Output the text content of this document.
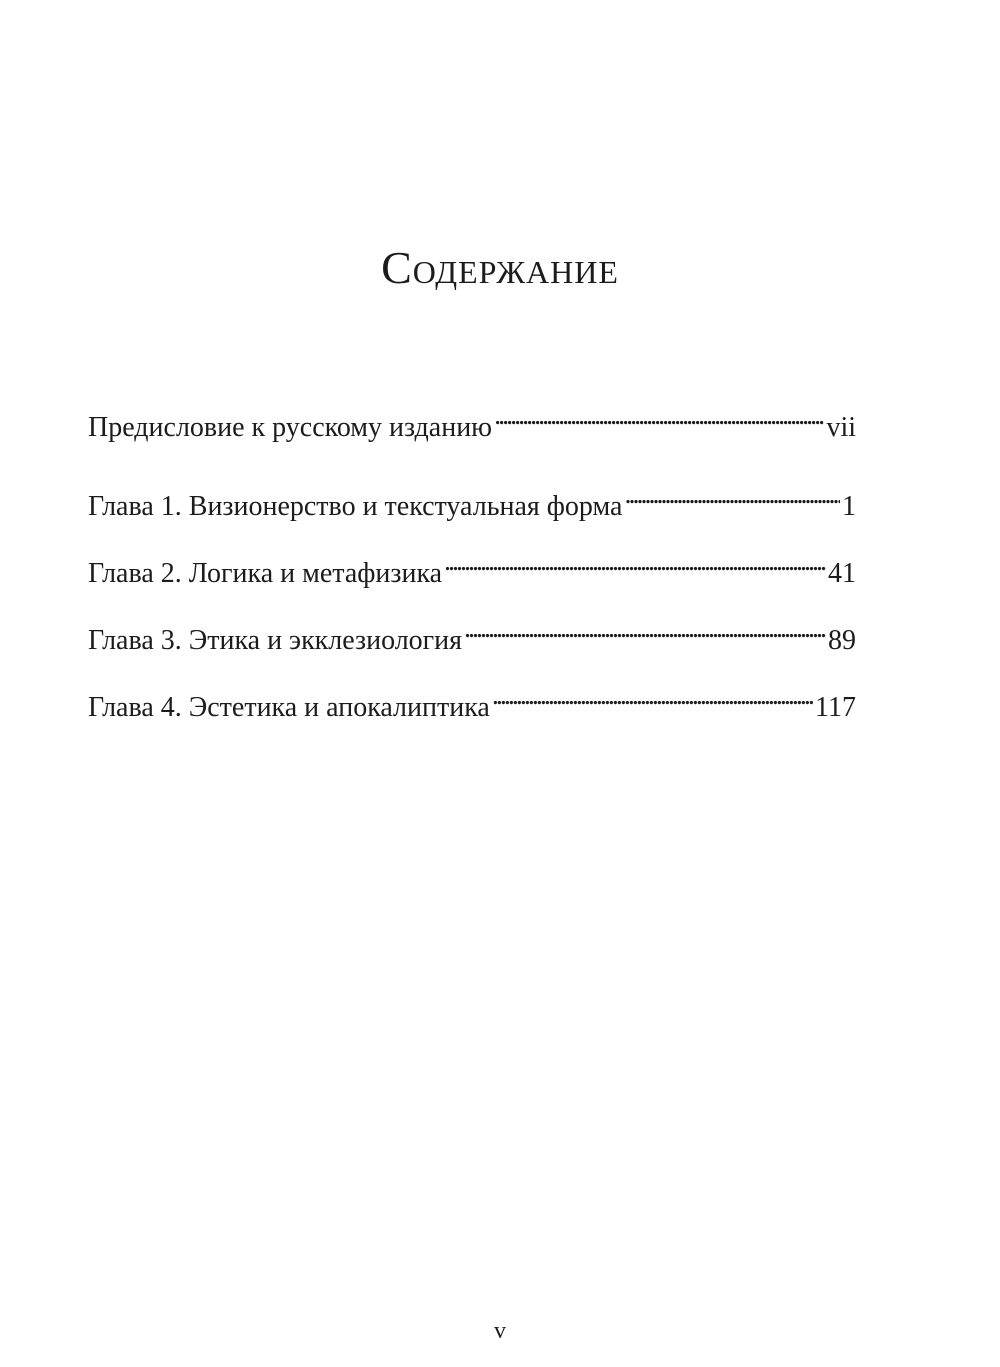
Содержание
Предисловие к русскому изданию . . .	vii
Глава 1. Визионерство и текстуальная форма . . .	1
Глава 2. Логика и метафизика . . .	41
Глава 3. Этика и экклезиология . . .	89
Глава 4. Эстетика и апокалиптика . . .	117
v
